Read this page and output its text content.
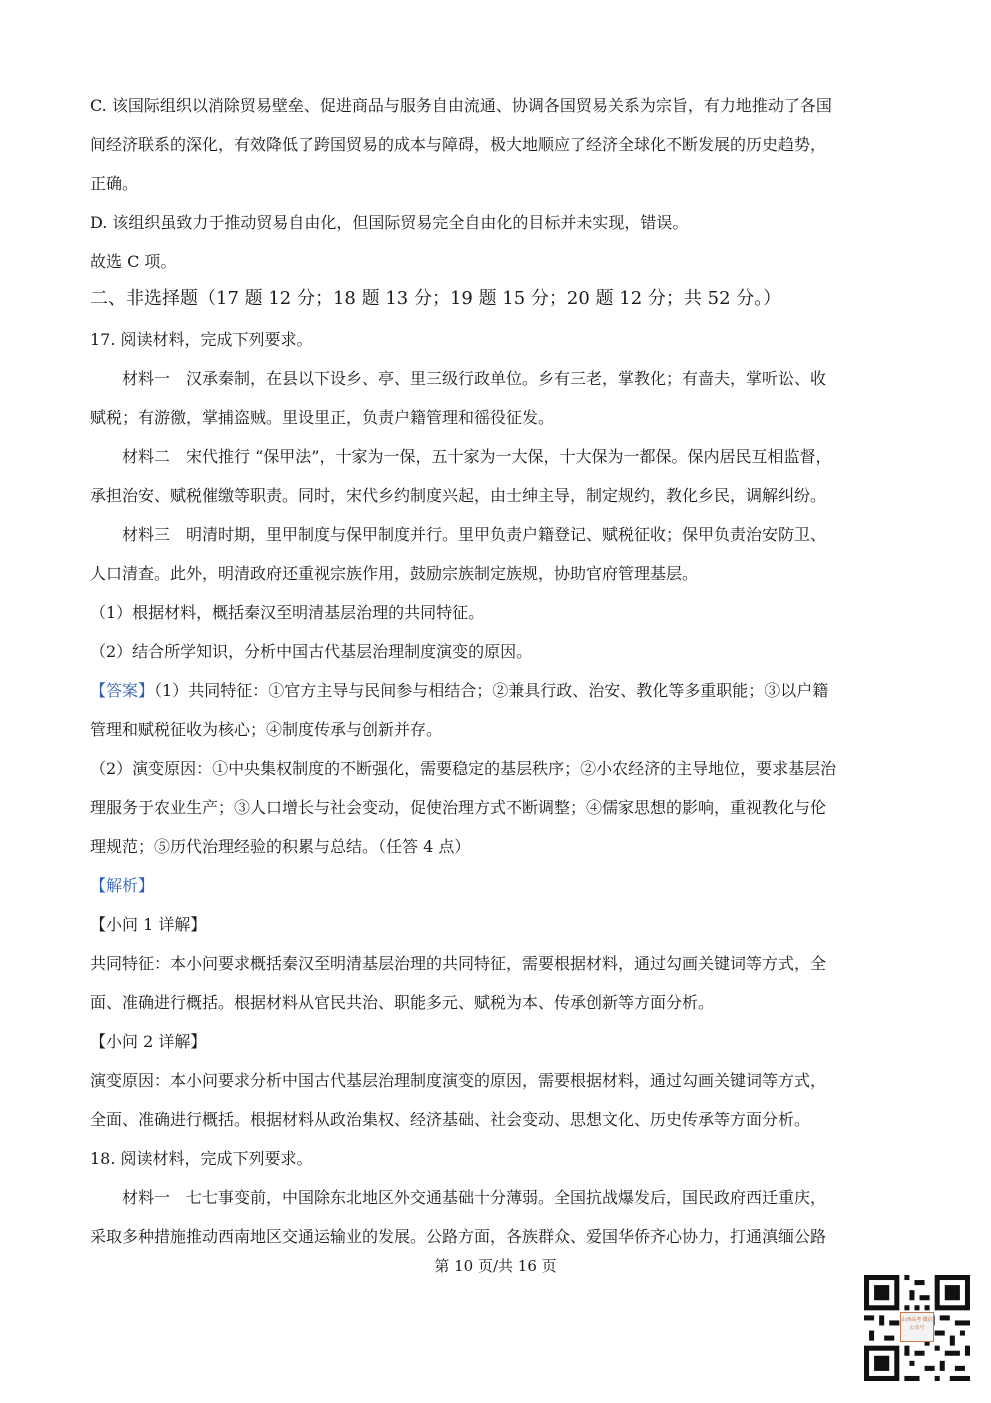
C. 该国际组织以消除贸易壁垒、促进商品与服务自由流通、协调各国贸易关系为宗旨，有力地推动了各国
间经济联系的深化，有效降低了跨国贸易的成本与障碍，极大地顺应了经济全球化不断发展的历史趋势，
正确。
D. 该组织虽致力于推动贸易自由化，但国际贸易完全自由化的目标并未实现，错误。
故选 C 项。
二、非选择题（17 题 12 分；18 题 13 分；19 题 15 分；20 题 12 分；共 52 分。）
17. 阅读材料，完成下列要求。
材料一　汉承秦制，在县以下设乡、亭、里三级行政单位。乡有三老，掌教化；有啬夫，掌听讼、收
赋税；有游徼，掌捕盗贼。里设里正，负责户籍管理和徭役征发。
材料二　宋代推行 “保甲法”，十家为一保，五十家为一大保，十大保为一都保。保内居民互相监督，
承担治安、赋税催缴等职责。同时，宋代乡约制度兴起，由士绅主导，制定规约，教化乡民，调解纠纷。
材料三　明清时期，里甲制度与保甲制度并行。里甲负责户籍登记、赋税征收；保甲负责治安防卫、
人口清查。此外，明清政府还重视宗族作用，鼓励宗族制定族规，协助官府管理基层。
（1）根据材料，概括秦汉至明清基层治理的共同特征。
（2）结合所学知识，分析中国古代基层治理制度演变的原因。
【答案】（1）共同特征：①官方主导与民间参与相结合；②兼具行政、治安、教化等多重职能；③以户籍
管理和赋税征收为核心；④制度传承与创新并存。
（2）演变原因：①中央集权制度的不断强化，需要稳定的基层秩序；②小农经济的主导地位，要求基层治
理服务于农业生产；③人口增长与社会变动，促使治理方式不断调整；④儒家思想的影响，重视教化与伦
理规范；⑤历代治理经验的积累与总结。（任答 4 点）
【解析】
【小问 1 详解】
共同特征：本小问要求概括秦汉至明清基层治理的共同特征，需要根据材料，通过勾画关键词等方式，全
面、准确进行概括。根据材料从官民共治、职能多元、赋税为本、传承创新等方面分析。
【小问 2 详解】
演变原因：本小问要求分析中国古代基层治理制度演变的原因，需要根据材料，通过勾画关键词等方式，
全面、准确进行概括。根据材料从政治集权、经济基础、社会变动、思想文化、历史传承等方面分析。
18. 阅读材料，完成下列要求。
材料一　七七事变前，中国除东北地区外交通基础十分薄弱。全国抗战爆发后，国民政府西迁重庆，
采取多种措施推动西南地区交通运输业的发展。公路方面，各族群众、爱国华侨齐心协力，打通滇缅公路
第 10 页/共 16 页
山西高考 微信公众号
